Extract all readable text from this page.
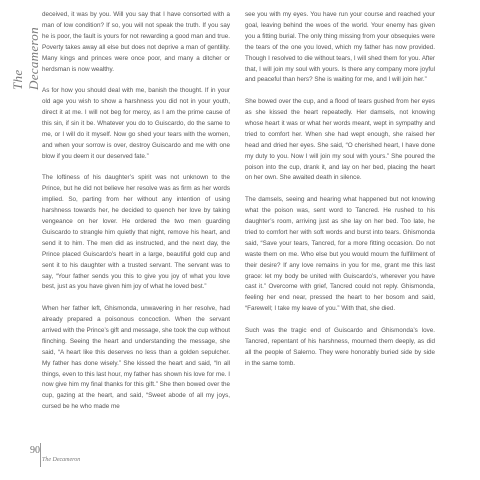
The Decameron

deceived, it was by you. Will you say that I have consorted with a man of low condition? If so, you will not speak the truth. If you say he is poor, the fault is yours for not rewarding a good man and true. Poverty takes away all else but does not deprive a man of gentility. Many kings and princes were once poor, and many a ditcher or herdsman is now wealthy.

As for how you should deal with me, banish the thought. If in your old age you wish to show a harshness you did not in your youth, direct it at me. I will not beg for mercy, as I am the prime cause of this sin, if sin it be. Whatever you do to Guiscardo, do the same to me, or I will do it myself. Now go shed your tears with the women, and when your sorrow is over, destroy Guiscardo and me with one blow if you deem it our deserved fate.”

The loftiness of his daughter’s spirit was not unknown to the Prince, but he did not believe her resolve was as firm as her words implied. So, parting from her without any intention of using harshness towards her, he decided to quench her love by taking vengeance on her lover. He ordered the two men guarding Guiscardo to strangle him quietly that night, remove his heart, and send it to him. The men did as instructed, and the next day, the Prince placed Guiscardo’s heart in a large, beautiful gold cup and sent it to his daughter with a trusted servant. The servant was to say, “Your father sends you this to give you joy of what you love best, just as you have given him joy of what he loved best.”

When her father left, Ghismonda, unwavering in her resolve, had already prepared a poisonous concoction. When the servant arrived with the Prince’s gift and message, she took the cup without flinching. Seeing the heart and understanding the message, she said, “A heart like this deserves no less than a golden sepulcher. My father has done wisely.” She kissed the heart and said, “In all things, even to this last hour, my father has shown his love for me. I now give him my final thanks for this gift.” She then bowed over the cup, gazing at the heart, and said, “Sweet abode of all my joys, cursed be he who made me

see you with my eyes. You have run your course and reached your goal, leaving behind the woes of the world. Your enemy has given you a fitting burial. The only thing missing from your obsequies were the tears of the one you loved, which my father has now provided. Though I resolved to die without tears, I will shed them for you. After that, I will join my soul with yours. Is there any company more joyful and peaceful than hers? She is waiting for me, and I will join her.”

She bowed over the cup, and a flood of tears gushed from her eyes as she kissed the heart repeatedly. Her damsels, not knowing whose heart it was or what her words meant, wept in sympathy and tried to comfort her. When she had wept enough, she raised her head and dried her eyes. She said, “O cherished heart, I have done my duty to you. Now I will join my soul with yours.” She poured the poison into the cup, drank it, and lay on her bed, placing the heart on her own. She awaited death in silence.

The damsels, seeing and hearing what happened but not knowing what the poison was, sent word to Tancred. He rushed to his daughter’s room, arriving just as she lay on her bed. Too late, he tried to comfort her with soft words and burst into tears. Ghismonda said, “Save your tears, Tancred, for a more fitting occasion. Do not waste them on me. Who else but you would mourn the fulfillment of their desire? If any love remains in you for me, grant me this last grace: let my body be united with Guiscardo’s, wherever you have cast it.” Overcome with grief, Tancred could not reply. Ghismonda, feeling her end near, pressed the heart to her bosom and said, “Farewell; I take my leave of you.” With that, she died.

Such was the tragic end of Guiscardo and Ghismonda’s love. Tancred, repentant of his harshness, mourned them deeply, as did all the people of Salerno. They were honorably buried side by side in the same tomb.

90
The Decameron
